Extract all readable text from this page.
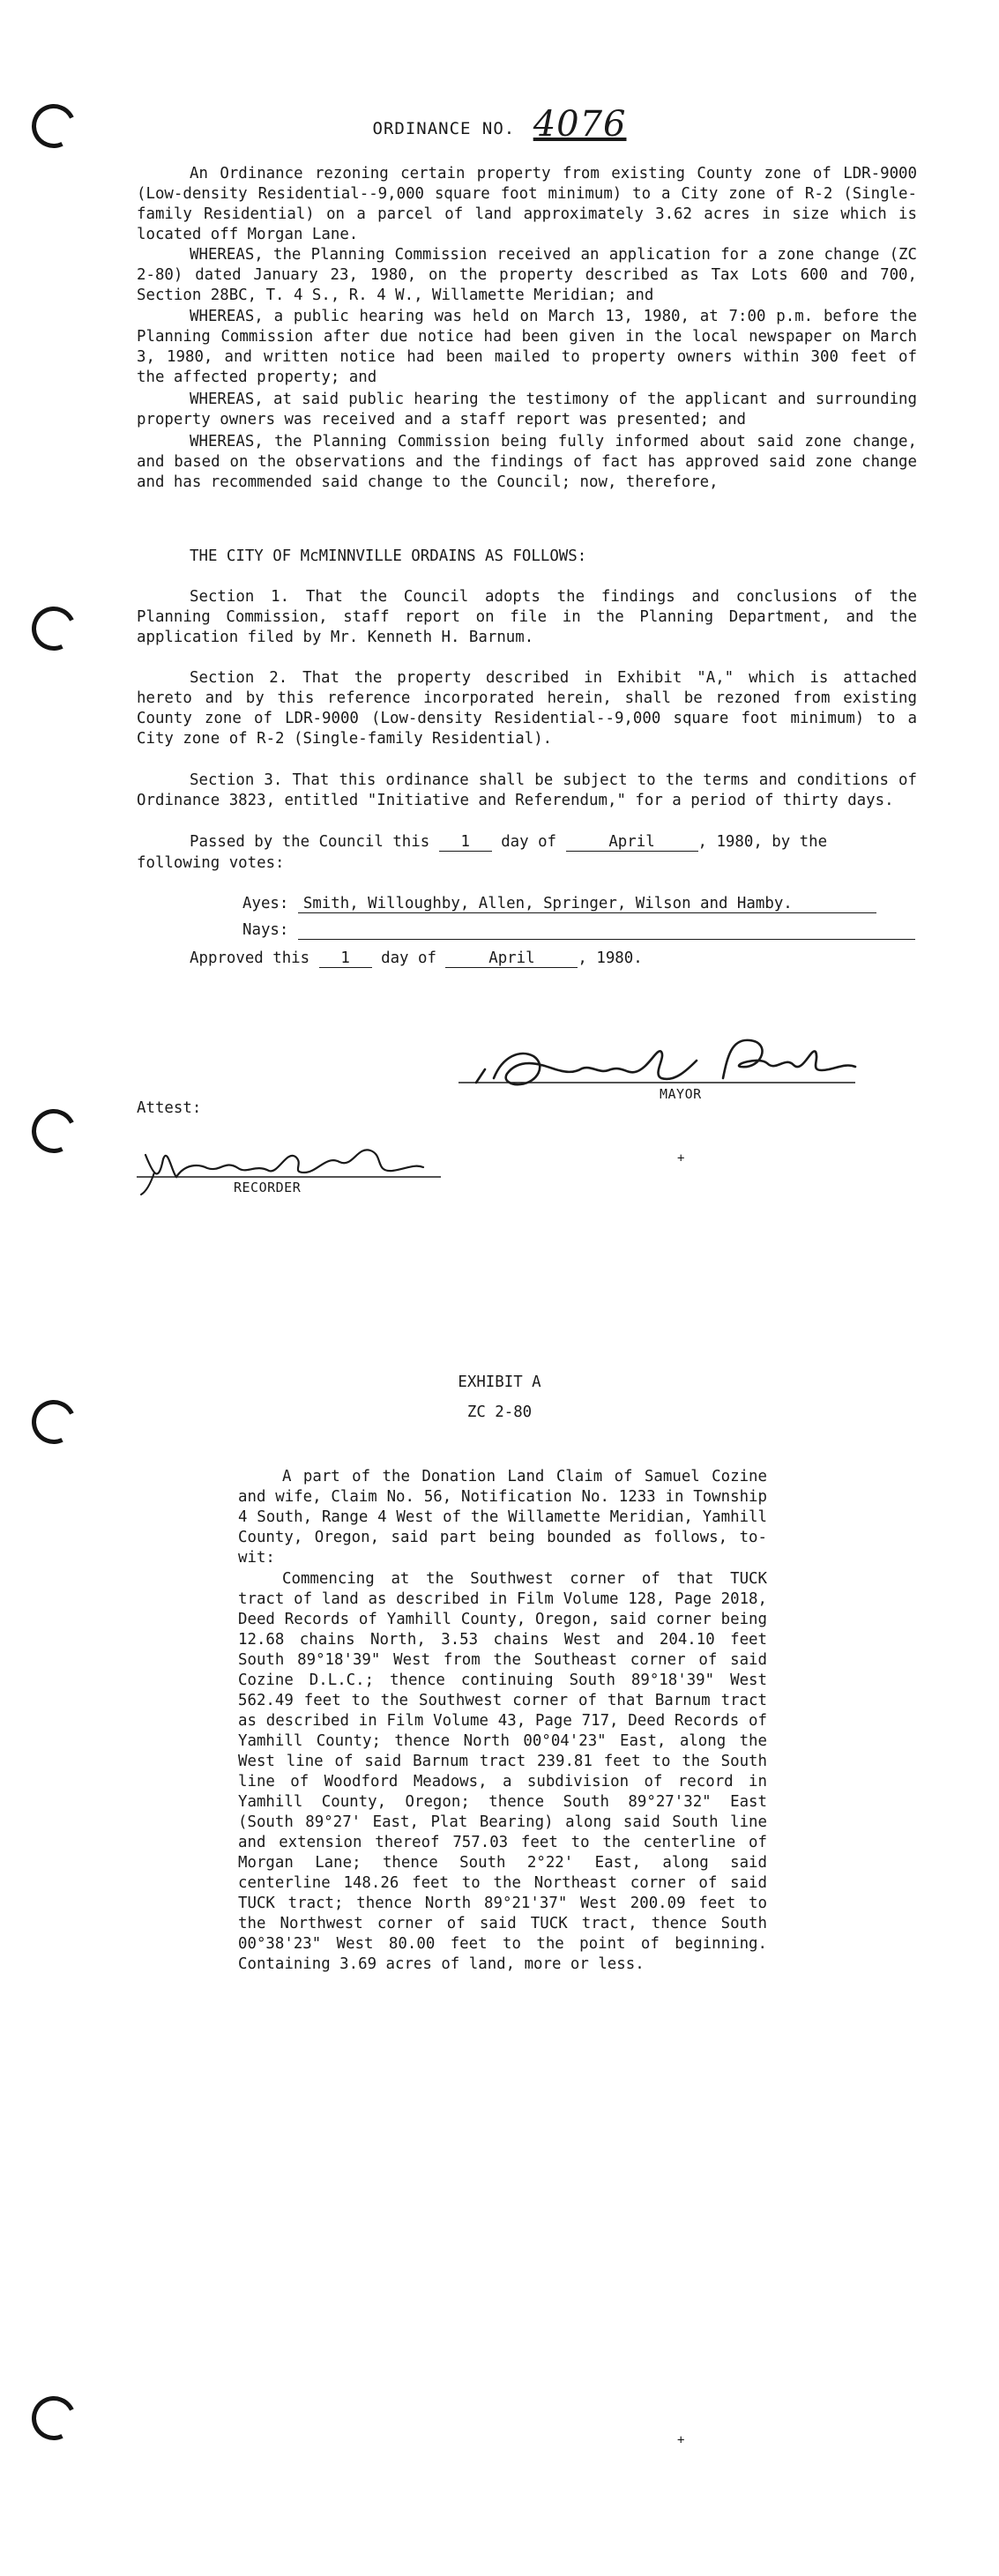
ORDINANCE NO. 4076
An Ordinance rezoning certain property from existing County zone of LDR-9000 (Low-density Residential--9,000 square foot minimum) to a City zone of R-2 (Single-family Residential) on a parcel of land approximately 3.62 acres in size which is located off Morgan Lane.
WHEREAS, the Planning Commission received an application for a zone change (ZC 2-80) dated January 23, 1980, on the property described as Tax Lots 600 and 700, Section 28BC, T. 4 S., R. 4 W., Willamette Meridian; and
WHEREAS, a public hearing was held on March 13, 1980, at 7:00 p.m. before the Planning Commission after due notice had been given in the local newspaper on March 3, 1980, and written notice had been mailed to property owners within 300 feet of the affected property; and
WHEREAS, at said public hearing the testimony of the applicant and surrounding property owners was received and a staff report was presented; and
WHEREAS, the Planning Commission being fully informed about said zone change, and based on the observations and the findings of fact has approved said zone change and has recommended said change to the Council; now, therefore,
THE CITY OF McMINNVILLE ORDAINS AS FOLLOWS:
Section 1. That the Council adopts the findings and conclusions of the Planning Commission, staff report on file in the Planning Department, and the application filed by Mr. Kenneth H. Barnum.
Section 2. That the property described in Exhibit "A," which is attached hereto and by this reference incorporated herein, shall be rezoned from existing County zone of LDR-9000 (Low-density Residential--9,000 square foot minimum) to a City zone of R-2 (Single-family Residential).
Section 3. That this ordinance shall be subject to the terms and conditions of Ordinance 3823, entitled "Initiative and Referendum," for a period of thirty days.
Passed by the Council this 1 day of	April	, 1980, by the
following votes:
Ayes: Smith, Willoughby, Allen, Springer, Wilson and Hamby.
Nays:
Approved this 1 day of	April	, 1980.
MAYOR
Attest:
RECORDER
+
+
EXHIBIT A
ZC 2-80
A part of the Donation Land Claim of Samuel Cozine and wife, Claim No. 56, Notification No. 1233 in Township 4 South, Range 4 West of the Willamette Meridian, Yamhill County, Oregon, said part being bounded as follows, to-wit:
Commencing at the Southwest corner of that TUCK tract of land as described in Film Volume 128, Page 2018, Deed Records of Yamhill County, Oregon, said corner being 12.68 chains North, 3.53 chains West and 204.10 feet South 89°18'39" West from the Southeast corner of said Cozine D.L.C.; thence continuing South 89°18'39" West 562.49 feet to the Southwest corner of that Barnum tract as described in Film Volume 43, Page 717, Deed Records of Yamhill County; thence North 00°04'23" East, along the West line of said Barnum tract 239.81 feet to the South line of Woodford Meadows, a subdivision of record in Yamhill County, Oregon; thence South 89°27'32" East (South 89°27' East, Plat Bearing) along said South line and extension thereof 757.03 feet to the centerline of Morgan Lane; thence South 2°22' East, along said centerline 148.26 feet to the Northeast corner of said TUCK tract; thence North 89°21'37" West 200.09 feet to the Northwest corner of said TUCK tract, thence South 00°38'23" West 80.00 feet to the point of beginning. Containing 3.69 acres of land, more or less.
